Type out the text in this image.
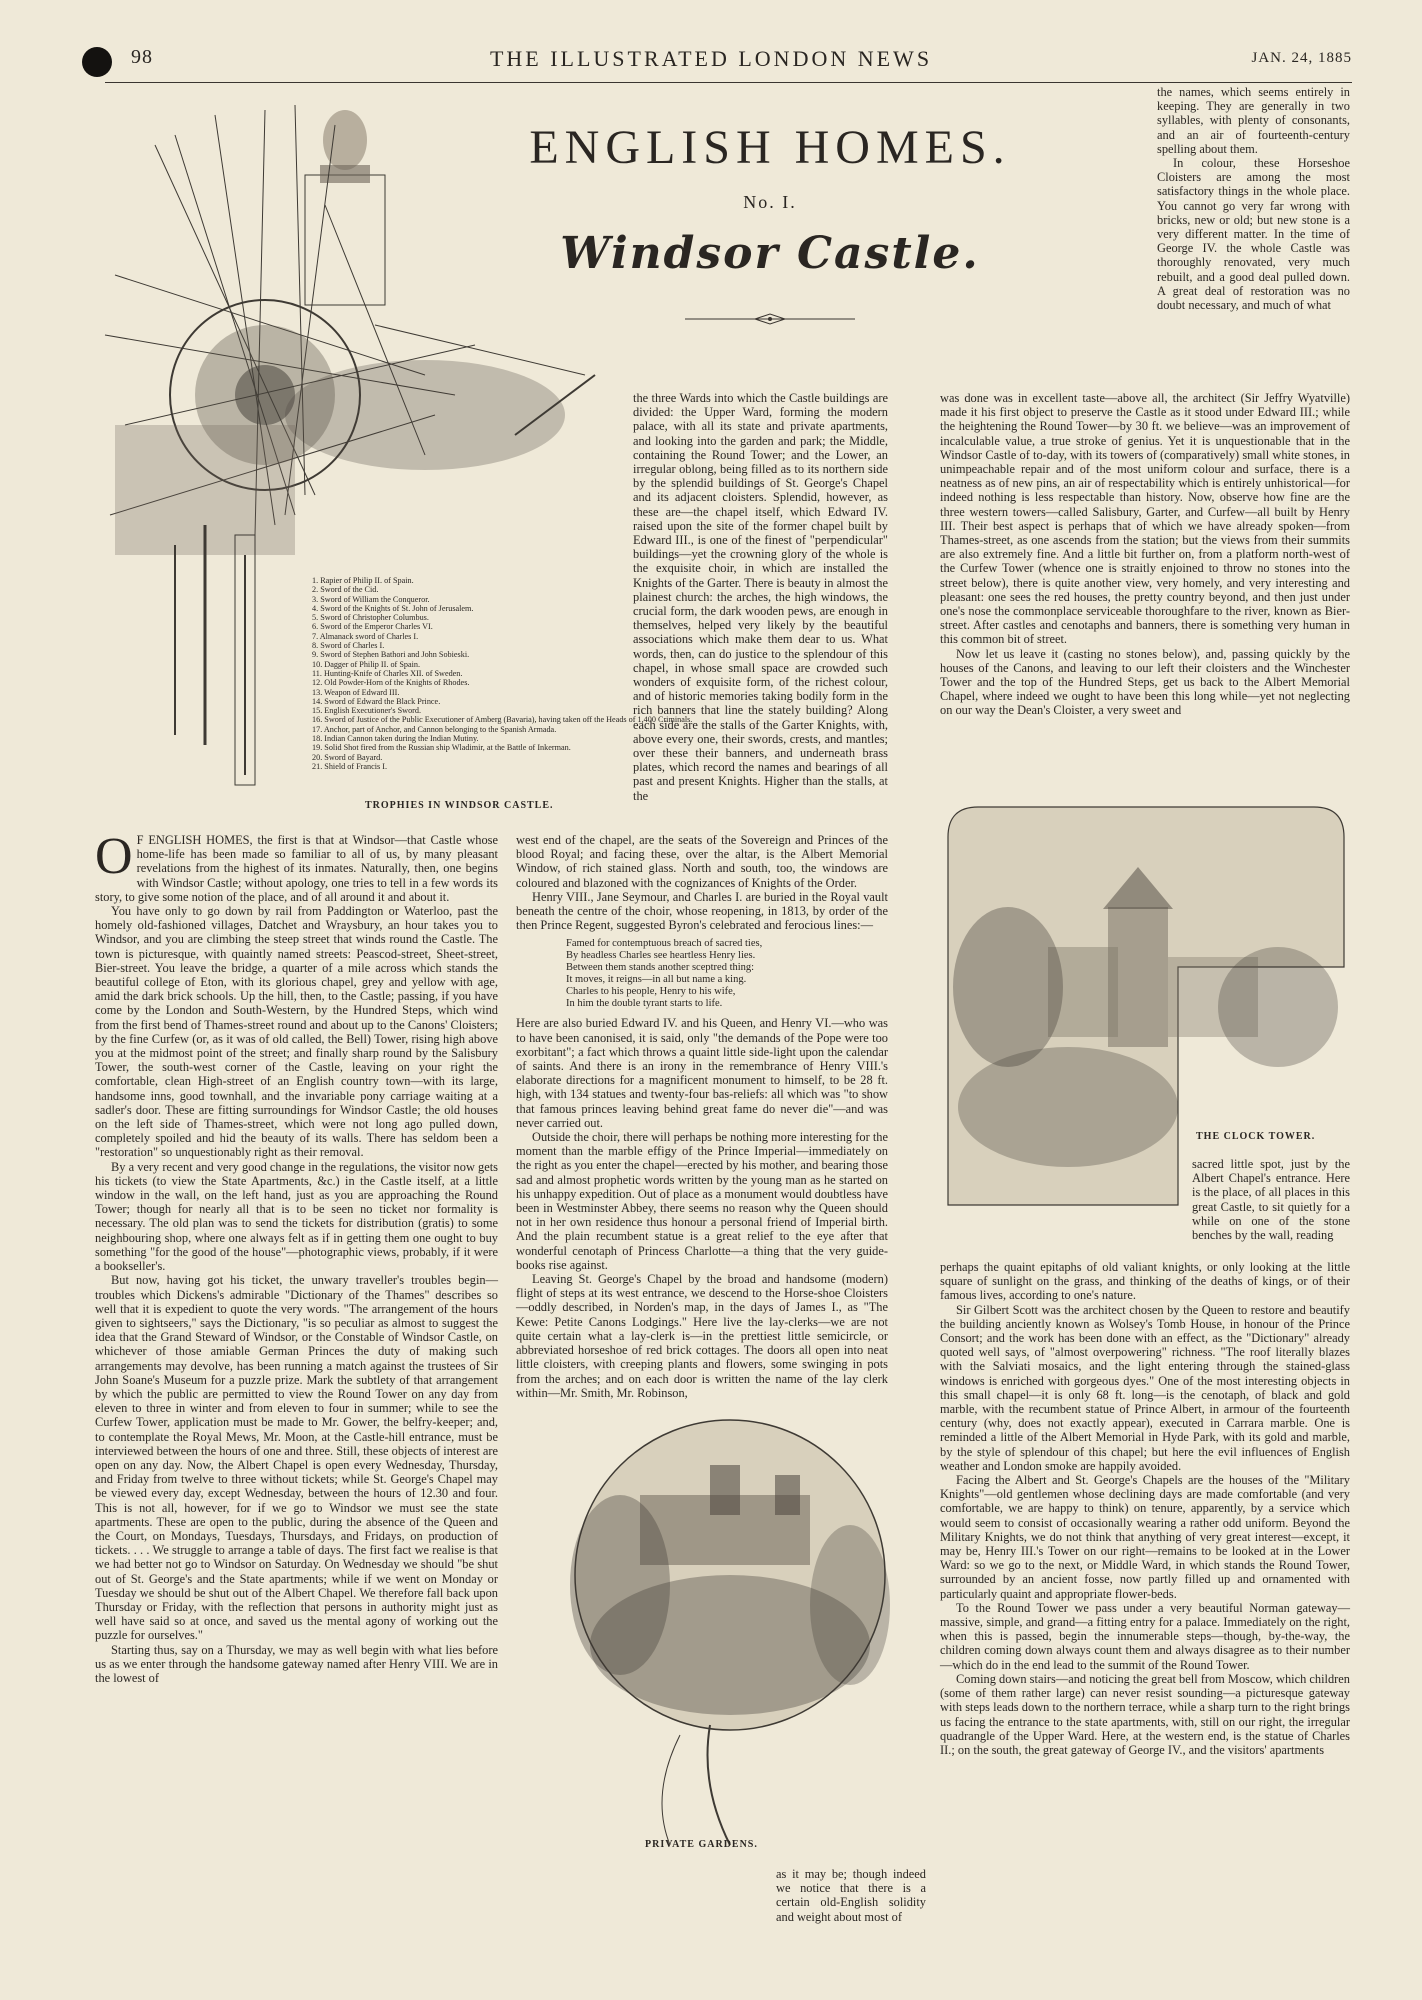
98	THE ILLUSTRATED LONDON NEWS	JAN. 24, 1885
ENGLISH HOMES.
No. I.
Windsor Castle.
1. Rapier of Philip II. of Spain.
2. Sword of the Cid.
3. Sword of William the Conqueror.
4. Sword of the Knights of St. John of Jerusalem.
5. Sword of Christopher Columbus.
6. Sword of the Emperor Charles VI.
7. Almanack sword of Charles I.
8. Sword of Charles I.
9. Sword of Stephen Bathori and John Sobieski.
10. Dagger of Philip II. of Spain.
11. Hunting-Knife of Charles XII. of Sweden.
12. Old Powder-Horn of the Knights of Rhodes.
13. Weapon of Edward III.
14. Sword of Edward the Black Prince.
15. English Executioner's Sword.
16. Sword of Justice of the Public Executioner of Amberg (Bavaria), having taken off the Heads of 1,400 Criminals.
17. Anchor, part of Anchor, and Cannon belonging to the Spanish Armada.
18. Indian Cannon taken during the Indian Mutiny.
19. Solid Shot fired from the Russian ship Wladimir, at the Battle of Inkerman.
20. Sword of Bayard.
21. Shield of Francis I.
TROPHIES IN WINDSOR CASTLE.

O F ENGLISH HOMES, the first is that at Windsor—that Castle whose home-life has been made so familiar to all of us, by many pleasant revelations from the highest of its inmates. Naturally, then, one begins with Windsor Castle; without apology, one tries to tell in a few words its story, to give some notion of the place, and of all around it and about it.

You have only to go down by rail from Paddington or Waterloo, past the homely old-fashioned villages, Datchet and Wraysbury, an hour takes you to Windsor, and you are climbing the steep street that winds round the Castle. The town is picturesque, with quaintly named streets: Peascod-street, Sheet-street, Bier-street. You leave the bridge, a quarter of a mile across which stands the beautiful college of Eton, with its glorious chapel, grey and yellow with age, amid the dark brick schools. Up the hill, then, to the Castle; passing, if you have come by the London and South-Western, by the Hundred Steps, which wind from the first bend of Thames-street round and about up to the Canons' Cloisters; by the fine Curfew (or, as it was of old called, the Bell) Tower, rising high above you at the midmost point of the street; and finally sharp round by the Salisbury Tower, the south-west corner of the Castle, leaving on your right the comfortable, clean High-street of an English country town—with its large, handsome inns, good townhall, and the invariable pony carriage waiting at a sadler's door. These are fitting surroundings for Windsor Castle; the old houses on the left side of Thames-street, which were not long ago pulled down, completely spoiled and hid the beauty of its walls. There has seldom been a "restoration" so unquestionably right as their removal.

By a very recent and very good change in the regulations, the visitor now gets his tickets (to view the State Apartments, &c.) in the Castle itself, at a little window in the wall, on the left hand, just as you are approaching the Round Tower; though for nearly all that is to be seen no ticket nor formality is necessary. The old plan was to send the tickets for distribution (gratis) to some neighbouring shop, where one always felt as if in getting them one ought to buy something "for the good of the house"—photographic views, probably, if it were a bookseller's.

But now, having got his ticket, the unwary traveller's troubles begin—troubles which Dickens's admirable "Dictionary of the Thames" describes so well that it is expedient to quote the very words. "The arrangement of the hours given to sightseers," says the Dictionary, "is so peculiar as almost to suggest the idea that the Grand Steward of Windsor, or the Constable of Windsor Castle, on whichever of those amiable German Princes the duty of making such arrangements may devolve, has been running a match against the trustees of Sir John Soane's Museum for a puzzle prize. Mark the subtlety of that arrangement by which the public are permitted to view the Round Tower on any day from eleven to three in winter and from eleven to four in summer; while to see the Curfew Tower, application must be made to Mr. Gower, the belfry-keeper; and, to contemplate the Royal Mews, Mr. Moon, at the Castle-hill entrance, must be interviewed between the hours of one and three. Still, these objects of interest are open on any day. Now, the Albert Chapel is open every Wednesday, Thursday, and Friday from twelve to three without tickets; while St. George's Chapel may be viewed every day, except Wednesday, between the hours of 12.30 and four. This is not all, however, for if we go to Windsor we must see the state apartments. These are open to the public, during the absence of the Queen and the Court, on Mondays, Tuesdays, Thursdays, and Fridays, on production of tickets. . . . We struggle to arrange a table of days. The first fact we realise is that we had better not go to Windsor on Saturday. On Wednesday we should "be shut out of St. George's and the State apartments; while if we went on Monday or Tuesday we should be shut out of the Albert Chapel. We therefore fall back upon Thursday or Friday, with the reflection that persons in authority might just as well have said so at once, and saved us the mental agony of working out the puzzle for ourselves."

Starting thus, say on a Thursday, we may as well begin with what lies before us as we enter through the handsome gateway named after Henry VIII. We are in the lowest of

the three Wards into which the Castle buildings are divided: the Upper Ward, forming the modern palace, with all its state and private apartments, and looking into the garden and park; the Middle, containing the Round Tower; and the Lower, an irregular oblong, being filled as to its northern side by the splendid buildings of St. George's Chapel and its adjacent cloisters. Splendid, however, as these are—the chapel itself, which Edward IV. raised upon the site of the former chapel built by Edward III., is one of the finest of "perpendicular" buildings—yet the crowning glory of the whole is the exquisite choir, in which are installed the Knights of the Garter. There is beauty in almost the plainest church: the arches, the high windows, the crucial form, the dark wooden pews, are enough in themselves, helped very likely by the beautiful associations which make them dear to us. What words, then, can do justice to the splendour of this chapel, in whose small space are crowded such wonders of exquisite form, of the richest colour, and of historic memories taking bodily form in the rich banners that line the stately building? Along each side are the stalls of the Garter Knights, with, above every one, their swords, crests, and mantles; over these their banners, and underneath brass plates, which record the names and bearings of all past and present Knights. Higher than the stalls, at the

west end of the chapel, are the seats of the Sovereign and Princes of the blood Royal; and facing these, over the altar, is the Albert Memorial Window, of rich stained glass. North and south, too, the windows are coloured and blazoned with the cognizances of Knights of the Order.

Henry VIII., Jane Seymour, and Charles I. are buried in the Royal vault beneath the centre of the choir, whose reopening, in 1813, by order of the then Prince Regent, suggested Byron's celebrated and ferocious lines:—

Famed for contemptuous breach of sacred ties,
By headless Charles see heartless Henry lies.
Between them stands another sceptred thing:
It moves, it reigns—in all but name a king.
Charles to his people, Henry to his wife,
In him the double tyrant starts to life.

Here are also buried Edward IV. and his Queen, and Henry VI.—who was to have been canonised, it is said, only "the demands of the Pope were too exorbitant"; a fact which throws a quaint little side-light upon the calendar of saints. And there is an irony in the remembrance of Henry VIII.'s elaborate directions for a magnificent monument to himself, to be 28 ft. high, with 134 statues and twenty-four bas-reliefs: all which was "to show that famous princes leaving behind great fame do never die"—and was never carried out.

Outside the choir, there will perhaps be nothing more interesting for the moment than the marble effigy of the Prince Imperial—immediately on the right as you enter the chapel—erected by his mother, and bearing those sad and almost prophetic words written by the young man as he started on his unhappy expedition. Out of place as a monument would doubtless have been in Westminster Abbey, there seems no reason why the Queen should not in her own residence thus honour a personal friend of Imperial birth. And the plain recumbent statue is a great relief to the eye after that wonderful cenotaph of Princess Charlotte—a thing that the very guide-books rise against.

Leaving St. George's Chapel by the broad and handsome (modern) flight of steps at its west entrance, we descend to the Horse-shoe Cloisters—oddly described, in Norden's map, in the days of James I., as "The Kewe: Petite Canons Lodgings." Here live the lay-clerks—we are not quite certain what a lay-clerk is—in the prettiest little semicircle, or abbreviated horseshoe of red brick cottages. The doors all open into neat little cloisters, with creeping plants and flowers, some swinging in pots from the arches; and on each door is written the name of the lay clerk within—Mr. Smith, Mr. Robinson,

PRIVATE GARDENS.

as it may be; though indeed we notice that there is a certain old-English solidity and weight about most of

the names, which seems entirely in keeping. They are generally in two syllables, with plenty of consonants, and an air of fourteenth-century spelling about them.

In colour, these Horseshoe Cloisters are among the most satisfactory things in the whole place. You cannot go very far wrong with bricks, new or old; but new stone is a very different matter. In the time of George IV. the whole Castle was thoroughly renovated, very much rebuilt, and a good deal pulled down. A great deal of restoration was no doubt necessary, and much of what

was done was in excellent taste—above all, the architect (Sir Jeffry Wyatville) made it his first object to preserve the Castle as it stood under Edward III.; while the heightening the Round Tower—by 30 ft. we believe—was an improvement of incalculable value, a true stroke of genius. Yet it is unquestionable that in the Windsor Castle of to-day, with its towers of (comparatively) small white stones, in unimpeachable repair and of the most uniform colour and surface, there is a neatness as of new pins, an air of respectability which is entirely unhistorical—for indeed nothing is less respectable than history. Now, observe how fine are the three western towers—called Salisbury, Garter, and Curfew—all built by Henry III. Their best aspect is perhaps that of which we have already spoken—from Thames-street, as one ascends from the station; but the views from their summits are also extremely fine. And a little bit further on, from a platform north-west of the Curfew Tower (whence one is straitly enjoined to throw no stones into the street below), there is quite another view, very homely, and very interesting and pleasant: one sees the red houses, the pretty country beyond, and then just under one's nose the commonplace serviceable thoroughfare to the river, known as Bier-street. After castles and cenotaphs and banners, there is something very human in this common bit of street.

Now let us leave it (casting no stones below), and, passing quickly by the houses of the Canons, and leaving to our left their cloisters and the Winchester Tower and the top of the Hundred Steps, get us back to the Albert Memorial Chapel, where indeed we ought to have been this long while—yet not neglecting on our way the Dean's Cloister, a very sweet and

THE CLOCK TOWER.

sacred little spot, just by the Albert Chapel's entrance. Here is the place, of all places in this great Castle, to sit quietly for a while on one of the stone benches by the wall, reading

perhaps the quaint epitaphs of old valiant knights, or only looking at the little square of sunlight on the grass, and thinking of the deaths of kings, or of their famous lives, according to one's nature.

Sir Gilbert Scott was the architect chosen by the Queen to restore and beautify the building anciently known as Wolsey's Tomb House, in honour of the Prince Consort; and the work has been done with an effect, as the "Dictionary" already quoted well says, of "almost overpowering" richness. "The roof literally blazes with the Salviati mosaics, and the light entering through the stained-glass windows is enriched with gorgeous dyes." One of the most interesting objects in this small chapel—it is only 68 ft. long—is the cenotaph, of black and gold marble, with the recumbent statue of Prince Albert, in armour of the fourteenth century (why, does not exactly appear), executed in Carrara marble. One is reminded a little of the Albert Memorial in Hyde Park, with its gold and marble, by the style of splendour of this chapel; but here the evil influences of English weather and London smoke are happily avoided.

Facing the Albert and St. George's Chapels are the houses of the "Military Knights"—old gentlemen whose declining days are made comfortable (and very comfortable, we are happy to think) on tenure, apparently, by a service which would seem to consist of occasionally wearing a rather odd uniform. Beyond the Military Knights, we do not think that anything of very great interest—except, it may be, Henry III.'s Tower on our right—remains to be looked at in the Lower Ward: so we go to the next, or Middle Ward, in which stands the Round Tower, surrounded by an ancient fosse, now partly filled up and ornamented with particularly quaint and appropriate flower-beds.

To the Round Tower we pass under a very beautiful Norman gateway—massive, simple, and grand—a fitting entry for a palace. Immediately on the right, when this is passed, begin the innumerable steps—though, by-the-way, the children coming down always count them and always disagree as to their number—which do in the end lead to the summit of the Round Tower.

Coming down stairs—and noticing the great bell from Moscow, which children (some of them rather large) can never resist sounding—a picturesque gateway with steps leads down to the northern terrace, while a sharp turn to the right brings us facing the entrance to the state apartments, with, still on our right, the irregular quadrangle of the Upper Ward. Here, at the western end, is the statue of Charles II.; on the south, the great gateway of George IV., and the visitors' apartments
